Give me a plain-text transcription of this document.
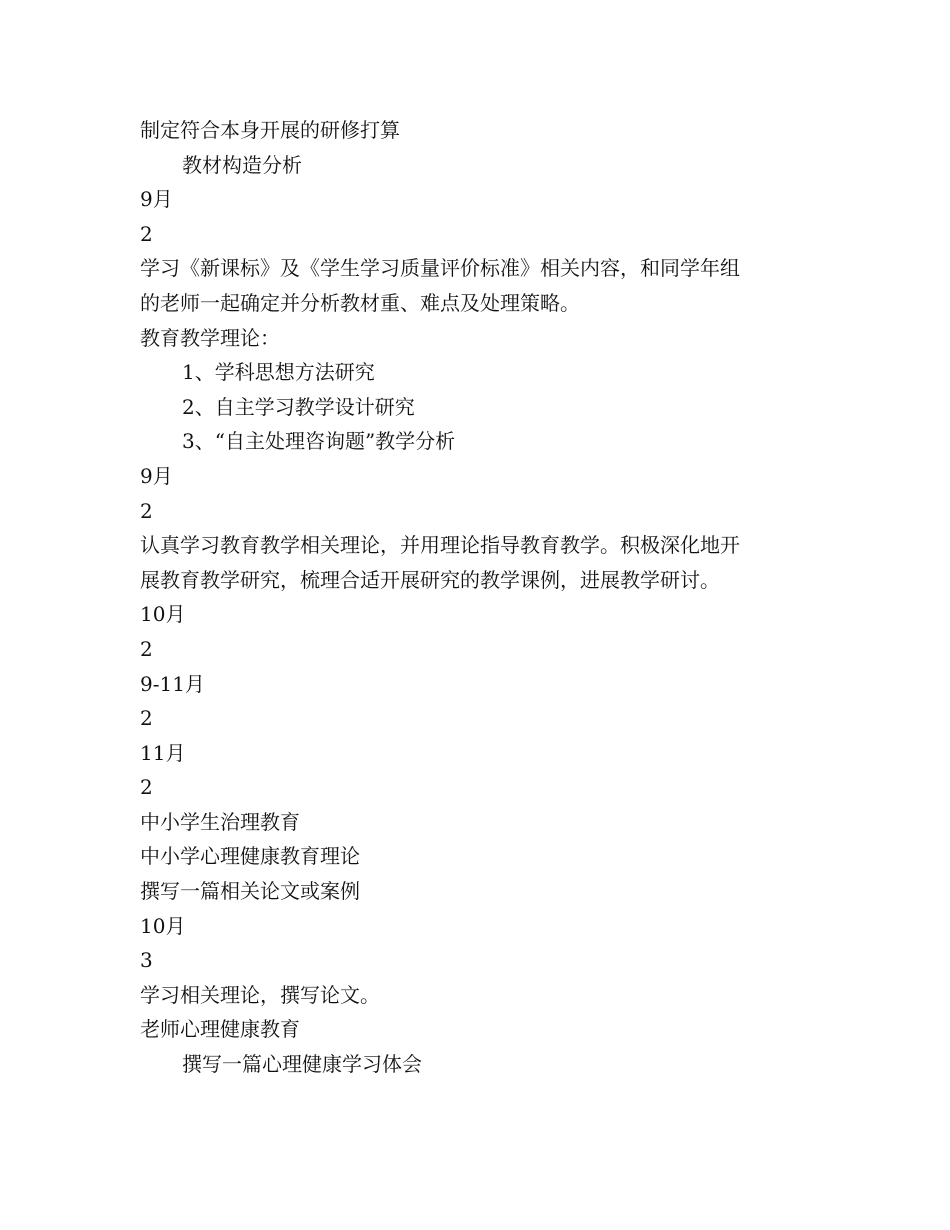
制定符合本身开展的研修打算
教材构造分析
9月
2
学习《新课标》及《学生学习质量评价标准》相关内容，和同学年组
的老师一起确定并分析教材重、难点及处理策略。
教育教学理论：
1、学科思想方法研究
2、自主学习教学设计研究
3、“自主处理咨询题”教学分析
9月
2
认真学习教育教学相关理论，并用理论指导教育教学。积极深化地开
展教育教学研究，梳理合适开展研究的教学课例，进展教学研讨。
10月
2
9-11月
2
11月
2
中小学生治理教育
中小学心理健康教育理论
撰写一篇相关论文或案例
10月
3
学习相关理论，撰写论文。
老师心理健康教育
撰写一篇心理健康学习体会
